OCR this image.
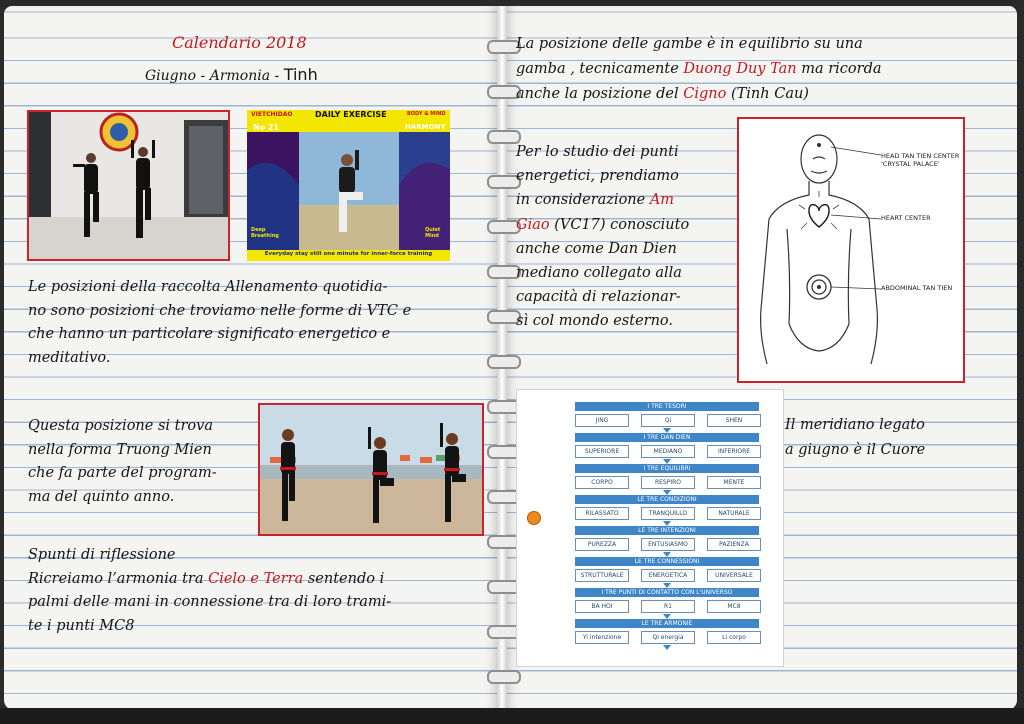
Calendario 2018
Giugno - Armonia - Tinh
VIETCHIDAO	DAILY EXERCISE	BODY & MIND
No 21	HARMONY
Deep Breathing
Quiet Mind
Everyday stay still one minute for inner-force training
Le posizioni della raccolta Allenamento quotidia-
no sono posizioni che troviamo nelle forme di VTC e
che hanno un particolare significato energetico e
meditativo.
Questa posizione si trova
nella forma Truong Mien
che fa parte del program-
ma del quinto anno.
Spunti di riflessione
Ricreiamo l’armonia tra Cielo e Terra sentendo i
palmi delle mani in connessione tra di loro trami-
te i punti MC8
La posizione delle gambe è in equilibrio su una
gamba , tecnicamente Duong Duy Tan ma ricorda
anche la posizione del Cigno (Tinh Cau)
Per lo studio dei punti
energetici, prendiamo
in considerazione Am
Giao (VC17) conosciuto
anche come Dan Dien
mediano collegato alla
capacità di relazionar-
sì col mondo esterno.
HEAD TAN TIEN CENTER
'CRYSTAL PALACE'
HEART CENTER
ABDOMINAL TAN TIEN
I TRE TESORI
JING	Qi	SHEN
I TRE DAN DIEN
SUPERIORE	MEDIANO	INFERIORE
I TRE EQUILIBRI
CORPO	RESPIRO	MENTE
LE TRE CONDIZIONI
RILASSATO	TRANQUILLO	NATURALE
LE TRE INTENZIONI
PUREZZA	ENTUSIASMO	PAZIENZA
LE TRE CONNESSIONI
STRUTTURALE	ENERGETICA	UNIVERSALE
I TRE PUNTI DI CONTATTO CON L'UNIVERSO
BA HOI	R1	MC8
LE TRE ARMONIE
Yi intenzione	Qi energia	Li corpo
Il meridiano legato
a giugno è il Cuore
